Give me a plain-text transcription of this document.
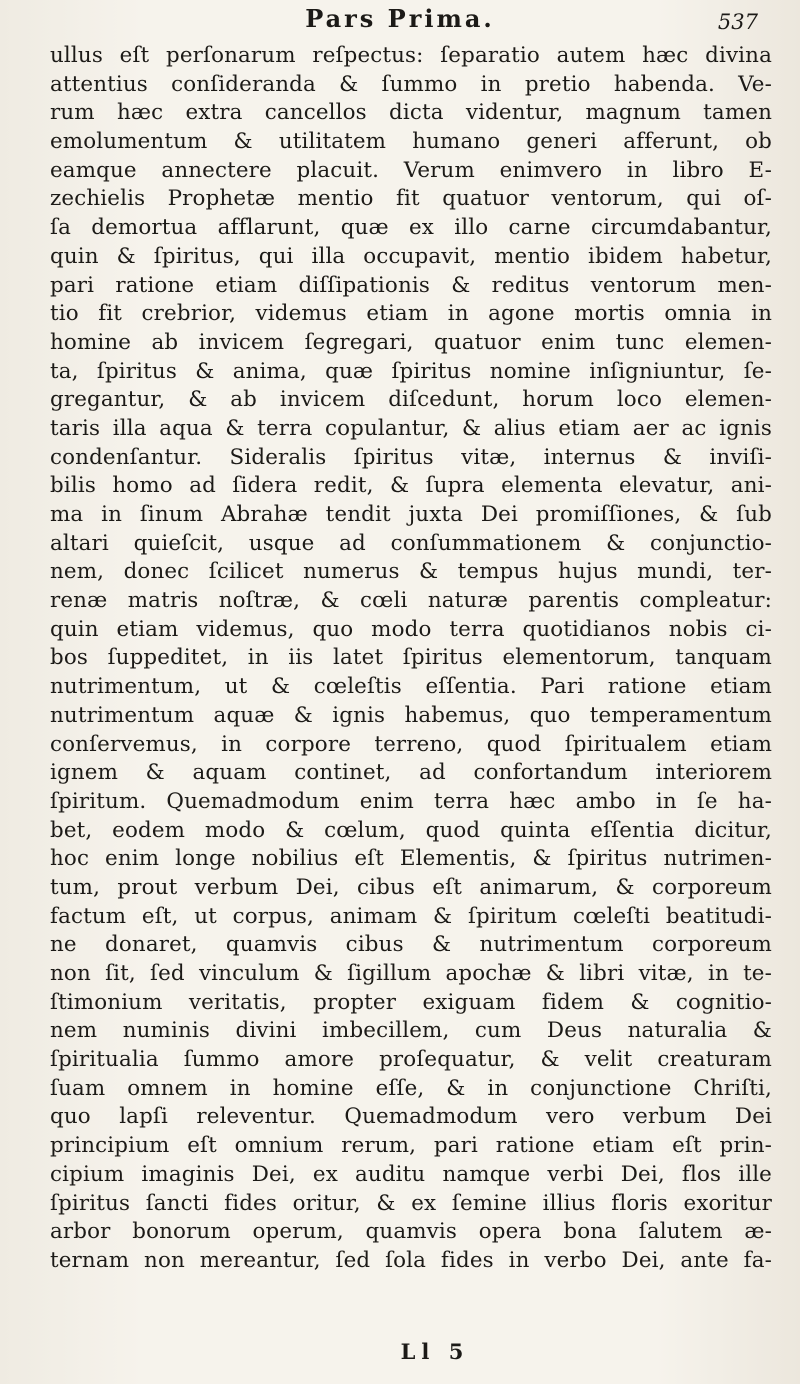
Pars Prima.	537
ullus eſt perſonarum reſpectus: ſeparatio autem hæc divina
attentius conſideranda & ſummo in pretio habenda. Ve-
rum hæc extra cancellos dicta videntur, magnum tamen
emolumentum & utilitatem humano generi afferunt, ob
eamque annectere placuit. Verum enimvero in libro E-
zechielis Prophetæ mentio fit quatuor ventorum, qui oſ-
ſa demortua afflarunt, quæ ex illo carne circumdabantur,
quin & ſpiritus, qui illa occupavit, mentio ibidem habetur,
pari ratione etiam diſſipationis & reditus ventorum men-
tio fit crebrior, videmus etiam in agone mortis omnia in
homine ab invicem ſegregari, quatuor enim tunc elemen-
ta, ſpiritus & anima, quæ ſpiritus nomine inſigniuntur, ſe-
gregantur, & ab invicem diſcedunt, horum loco elemen-
taris illa aqua & terra copulantur, & alius etiam aer ac ignis
condenſantur. Sideralis ſpiritus vitæ, internus & inviſi-
bilis homo ad ſidera redit, & ſupra elementa elevatur, ani-
ma in ſinum Abrahæ tendit juxta Dei promiſſiones, & ſub
altari quieſcit, usque ad conſummationem & conjunctio-
nem, donec ſcilicet numerus & tempus hujus mundi, ter-
renæ matris noſtræ, & cœli naturæ parentis compleatur:
quin etiam videmus, quo modo terra quotidianos nobis ci-
bos ſuppeditet, in iis latet ſpiritus elementorum, tanquam
nutrimentum, ut & cœleſtis eſſentia. Pari ratione etiam
nutrimentum aquæ & ignis habemus, quo temperamentum
conſervemus, in corpore terreno, quod ſpiritualem etiam
ignem & aquam continet, ad confortandum interiorem
ſpiritum. Quemadmodum enim terra hæc ambo in ſe ha-
bet, eodem modo & cœlum, quod quinta eſſentia dicitur,
hoc enim longe nobilius eſt Elementis, & ſpiritus nutrimen-
tum, prout verbum Dei, cibus eſt animarum, & corporeum
factum eſt, ut corpus, animam & ſpiritum cœleſti beatitudi-
ne donaret, quamvis cibus & nutrimentum corporeum
non ſit, ſed vinculum & ſigillum apochæ & libri vitæ, in te-
ſtimonium veritatis, propter exiguam fidem & cognitio-
nem numinis divini imbecillem, cum Deus naturalia &
ſpiritualia ſummo amore proſequatur, & velit creaturam
ſuam omnem in homine eſſe, & in conjunctione Chriſti,
quo lapſi releventur. Quemadmodum vero verbum Dei
principium eſt omnium rerum, pari ratione etiam eſt prin-
cipium imaginis Dei, ex auditu namque verbi Dei, flos ille
ſpiritus ſancti fides oritur, & ex ſemine illius floris exoritur
arbor bonorum operum, quamvis opera bona ſalutem æ-
ternam non mereantur, ſed ſola fides in verbo Dei, ante fa-
Ll 5
